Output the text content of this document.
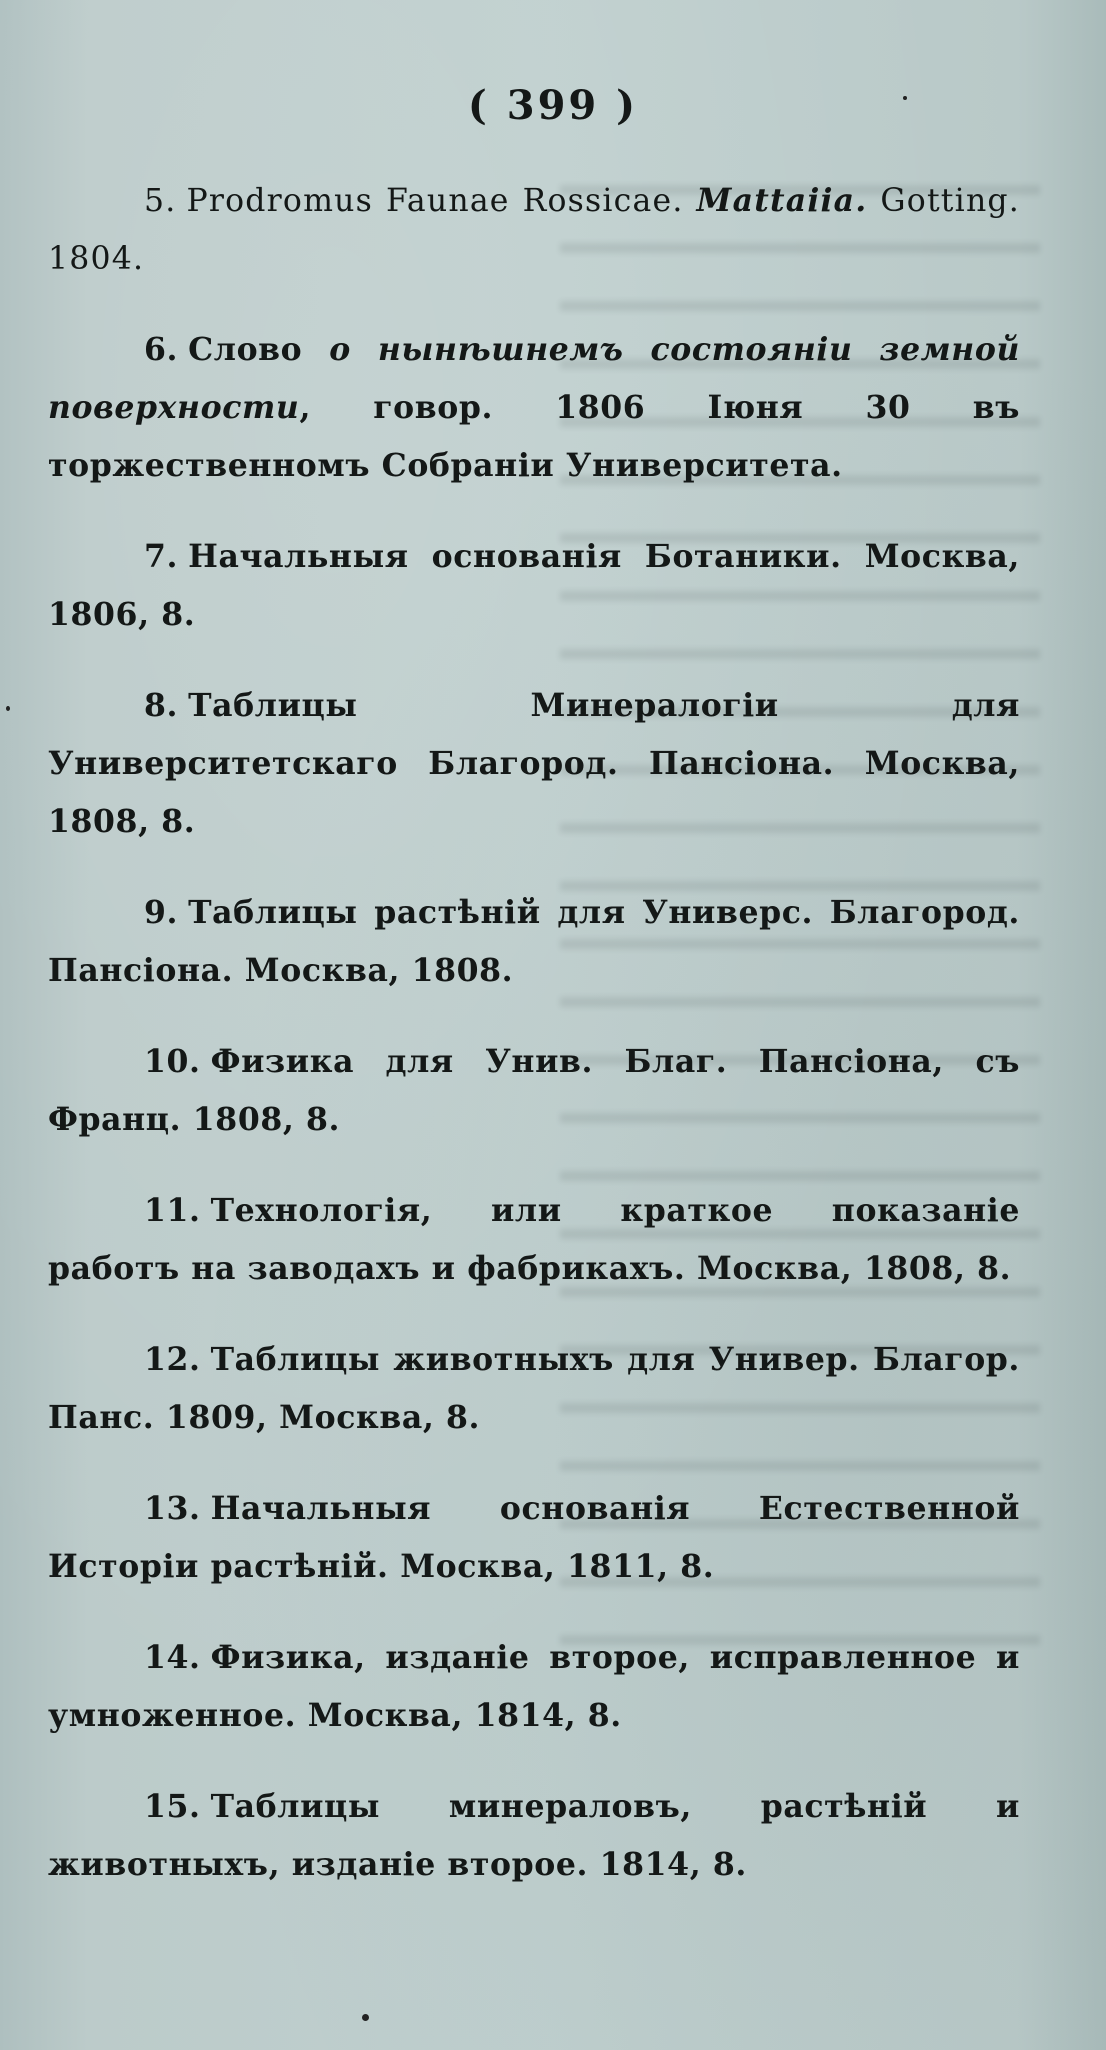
( 399 )

5. Prodromus Faunae Rossicae. Mattaiia. Gotting. 1804.

6. Слово о нынѣшнемъ состоянiи земной поверхности, говор. 1806 Iюня 30 въ торжественномъ Собранiи Университета.

7. Начальныя основанiя Ботаники. Москва, 1806, 8.

8. Таблицы Минералогiи для Университетскаго Благород. Пансiона. Москва, 1808, 8.

9. Таблицы растѣнiй для Универс. Благород. Пансiона. Москва, 1808.

10. Физика для Унив. Благ. Пансiона, съ Франц. 1808, 8.

11. Технологiя, или краткое показанiе работъ на заводахъ и фабрикахъ. Москва, 1808, 8.

12. Таблицы животныхъ для Универ. Благор. Панс. 1809, Москва, 8.

13. Начальныя основанiя Естественной Исторiи растѣнiй. Москва, 1811, 8.

14. Физика, изданiе второе, исправленное и умноженное. Москва, 1814, 8.

15. Таблицы минераловъ, растѣнiй и животныхъ, изданiе второе. 1814, 8.
